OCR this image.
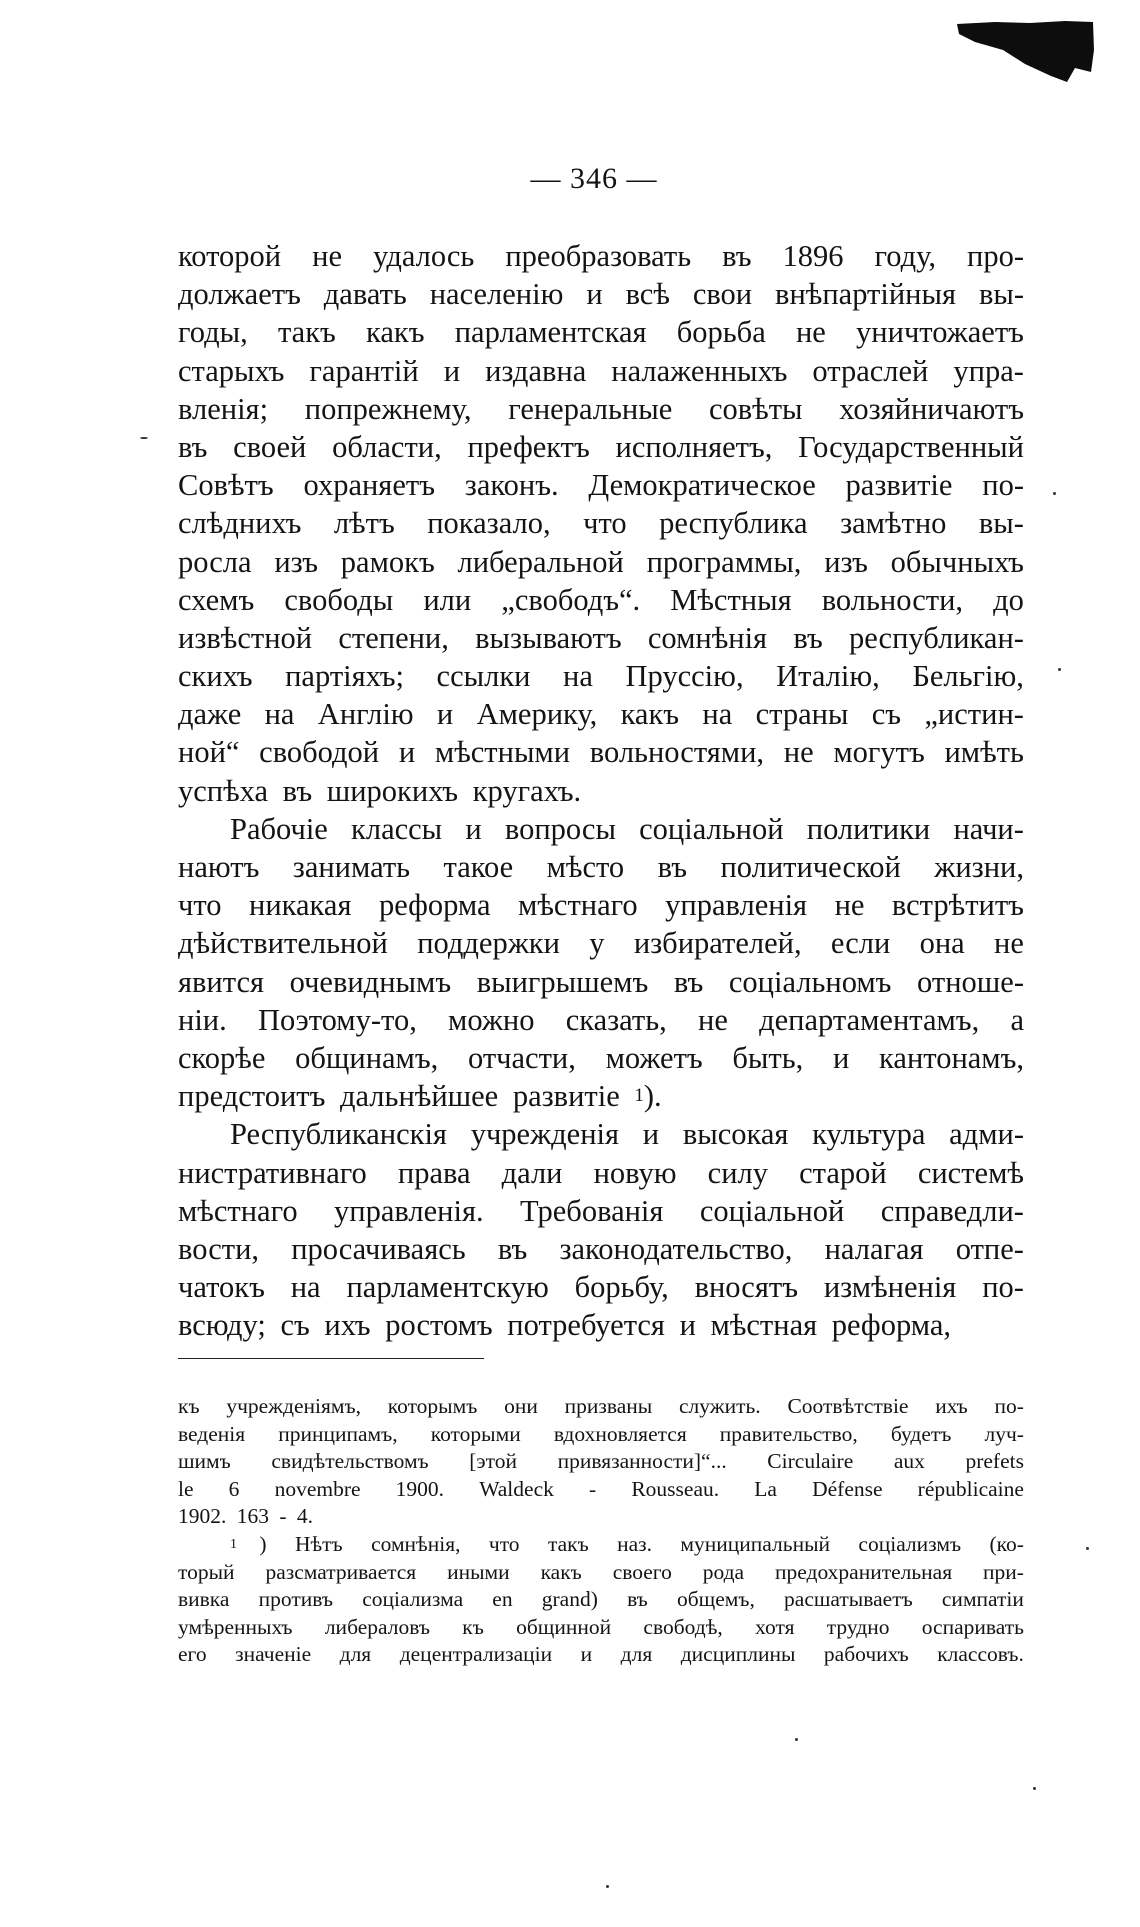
— 346 —
которой не удалось преобразовать въ 1896 году, про-
должаетъ давать населенію и всѣ свои внѣпартійныя вы-
годы, такъ какъ парламентская борьба не уничтожаетъ
старыхъ гарантій и издавна налаженныхъ отраслей упра-
вленія; попрежнему, генеральные совѣты хозяйничаютъ
въ своей области, префектъ исполняетъ, Государственный
Совѣтъ охраняетъ законъ. Демократическое развитіе по-
слѣднихъ лѣтъ показало, что республика замѣтно вы-
росла изъ рамокъ либеральной программы, изъ обычныхъ
схемъ свободы или „свободъ“. Мѣстныя вольности, до
извѣстной степени, вызываютъ сомнѣнія въ республикан-
скихъ партіяхъ; ссылки на Пруссію, Италію, Бельгію,
даже на Англію и Америку, какъ на страны съ „истин-
ной“ свободой и мѣстными вольностями, не могутъ имѣть
успѣха въ широкихъ кругахъ.
Рабочіе классы и вопросы соціальной политики начи-
наютъ занимать такое мѣсто въ политической жизни,
что никакая реформа мѣстнаго управленія не встрѣтитъ
дѣйствительной поддержки у избирателей, если она не
явится очевиднымъ выигрышемъ въ соціальномъ отноше-
ніи. Поэтому-то, можно сказать, не департаментамъ, а
скорѣе общинамъ, отчасти, можетъ быть, и кантонамъ,
предстоитъ дальнѣйшее развитіе
1 ).
Республиканскія учрежденія и высокая культура адми-
нистративнаго права дали новую силу старой системѣ
мѣстнаго управленія. Требованія соціальной справедли-
вости, просачиваясь въ законодательство, налагая отпе-
чатокъ на парламентскую борьбу, вносятъ измѣненія по-
всюду; съ ихъ ростомъ потребуется и мѣстная реформа,
къ учрежденіямъ, которымъ они призваны служить. Соотвѣтствіе ихъ по-
веденія принципамъ, которыми вдохновляется правительство, будетъ луч-
шимъ свидѣтельствомъ [этой привязанности]“... Circulaire aux prefets
le 6 novembre 1900. Waldeck - Rousseau. La Défense républicaine
1902. 163 - 4.
1 ) Нѣтъ сомнѣнія, что такъ наз. муниципальный соціализмъ (ко-
торый разсматривается иными какъ своего рода предохранительная при-
вивка противъ соціализма en grand) въ общемъ, расшатываетъ симпатіи
умѣренныхъ либераловъ къ общинной свободѣ, хотя трудно оспаривать
его значеніе для децентрализаціи и для дисциплины рабочихъ классовъ.
